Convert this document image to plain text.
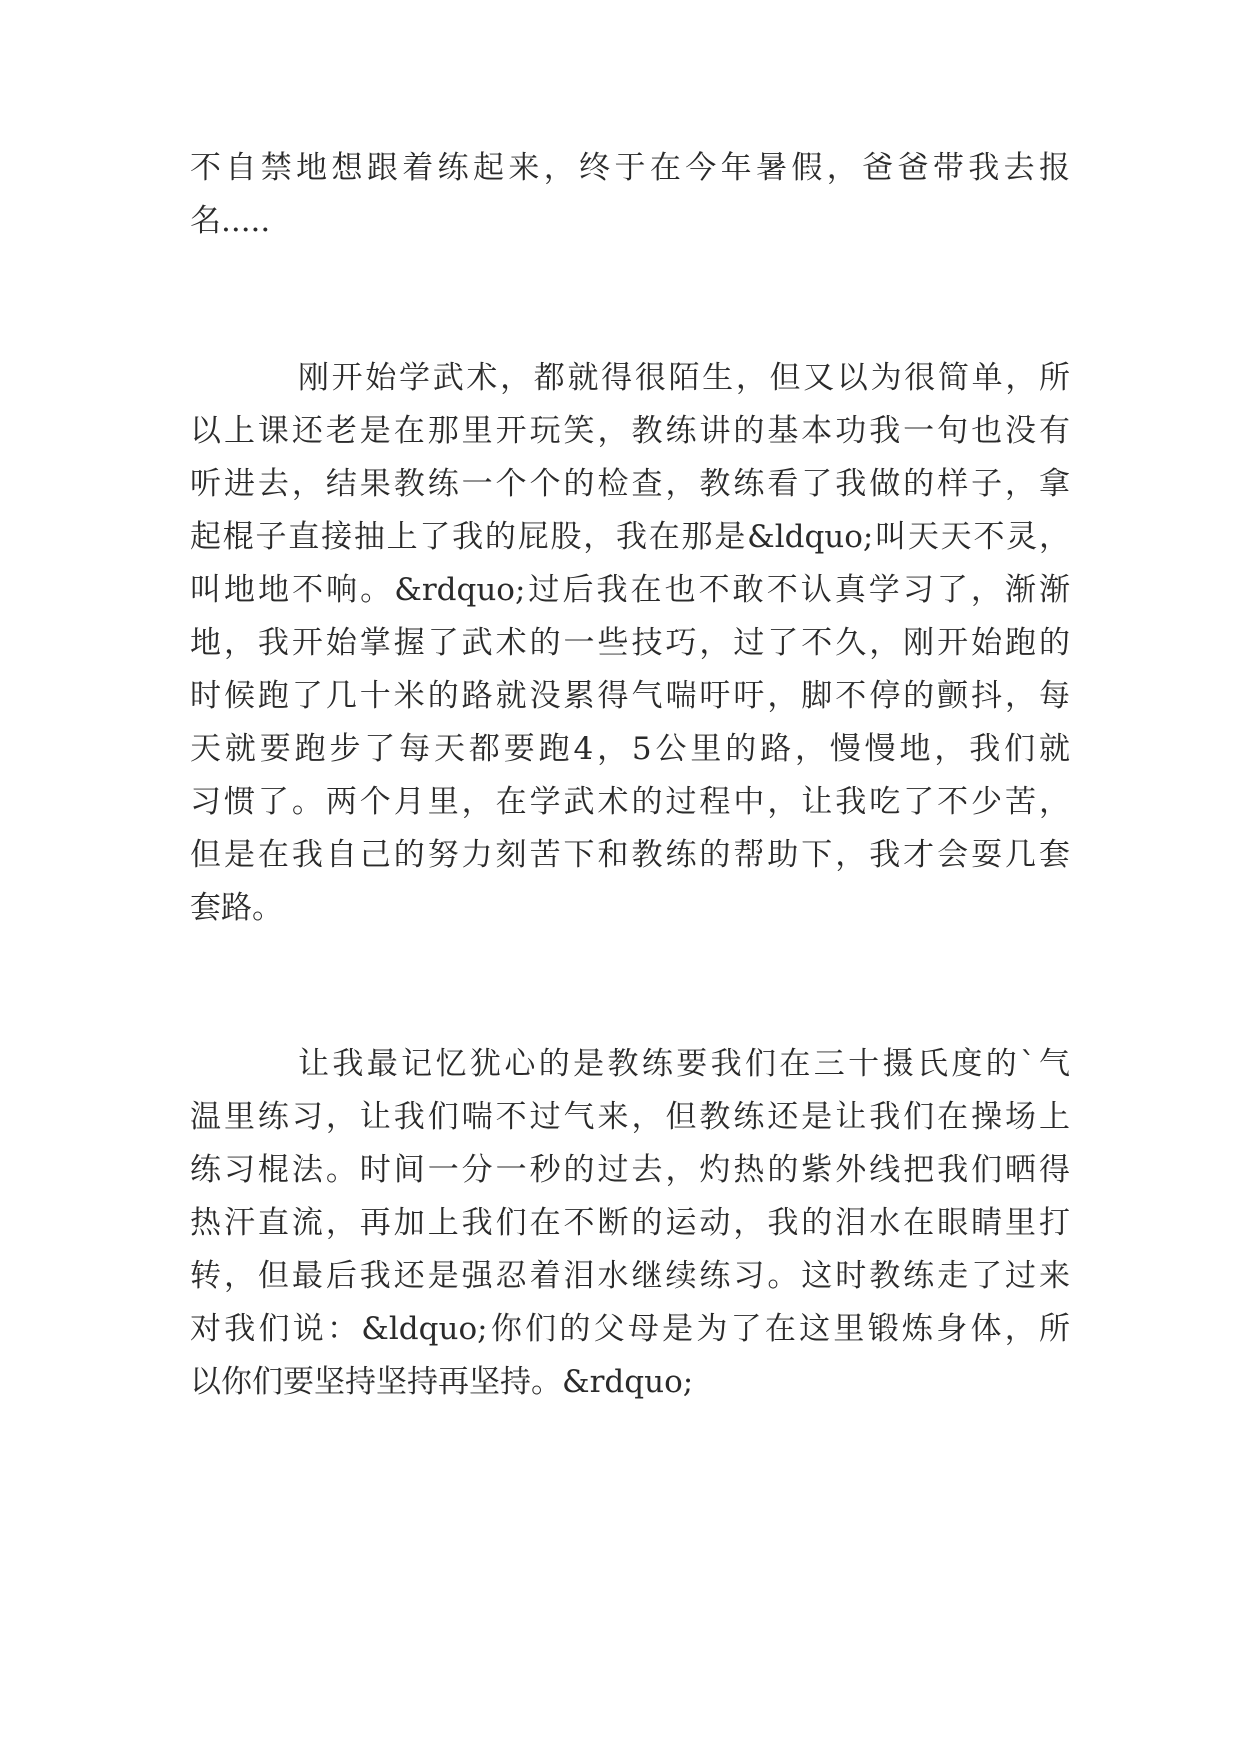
不自禁地想跟着练起来，终于在今年暑假，爸爸带我去报
名.....
刚开始学武术，都就得很陌生，但又以为很简单，所
以上课还老是在那里开玩笑，教练讲的基本功我一句也没有
听进去，结果教练一个个的检查，教练看了我做的样子，拿
起棍子直接抽上了我的屁股，我在那是&ldquo;叫天天不灵，
叫地地不响。&rdquo;过后我在也不敢不认真学习了，渐渐
地，我开始掌握了武术的一些技巧，过了不久，刚开始跑的
时候跑了几十米的路就没累得气喘吁吁，脚不停的颤抖，每
天就要跑步了每天都要跑4，5公里的路，慢慢地，我们就
习惯了。两个月里，在学武术的过程中，让我吃了不少苦，
但是在我自己的努力刻苦下和教练的帮助下，我才会耍几套
套路。
让我最记忆犹心的是教练要我们在三十摄氏度的`气
温里练习，让我们喘不过气来，但教练还是让我们在操场上
练习棍法。时间一分一秒的过去，灼热的紫外线把我们晒得
热汗直流，再加上我们在不断的运动，我的泪水在眼睛里打
转，但最后我还是强忍着泪水继续练习。这时教练走了过来
对我们说：&ldquo;你们的父母是为了在这里锻炼身体，所
以你们要坚持坚持再坚持。&rdquo;
